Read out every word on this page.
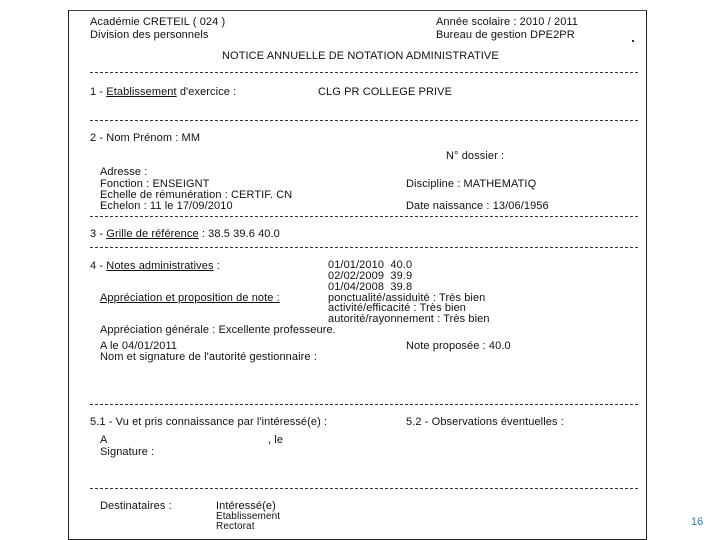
Académie CRETEIL ( 024 )
Division des personnels
Année scolaire : 2010 / 2011
Bureau de gestion DPE2PR
NOTICE ANNUELLE DE NOTATION ADMINISTRATIVE
1 - Etablissement d'exercice :	CLG PR COLLEGE PRIVE
2 - Nom Prénom : MM
N° dossier :
Adresse :
Fonction : ENSEIGNT
Echelle de rémunération : CERTIF. CN
Echelon : 11 le 17/09/2010
Discipline : MATHEMATIQ
Date naissance : 13/06/1956
3 - Grille de référence : 38.5 39.6 40.0
4 - Notes administratives :	01/01/2010 40.0
02/02/2009 39.9
01/04/2008 39.8
Appréciation et proposition de note :	ponctualité/assiduité : Très bien
activité/efficacité : Très bien
autorité/rayonnement : Très bien
Appréciation générale : Excellente professeure.
A le 04/01/2011	Note proposée : 40.0
Nom et signature de l'autorité gestionnaire :
5.1 - Vu et pris connaissance par l'intéressé(e) :	5.2 - Observations éventuelles :
A	, le
Signature :
Destinataires :	Intéressé(e)
Etablissement
Rectorat	16
